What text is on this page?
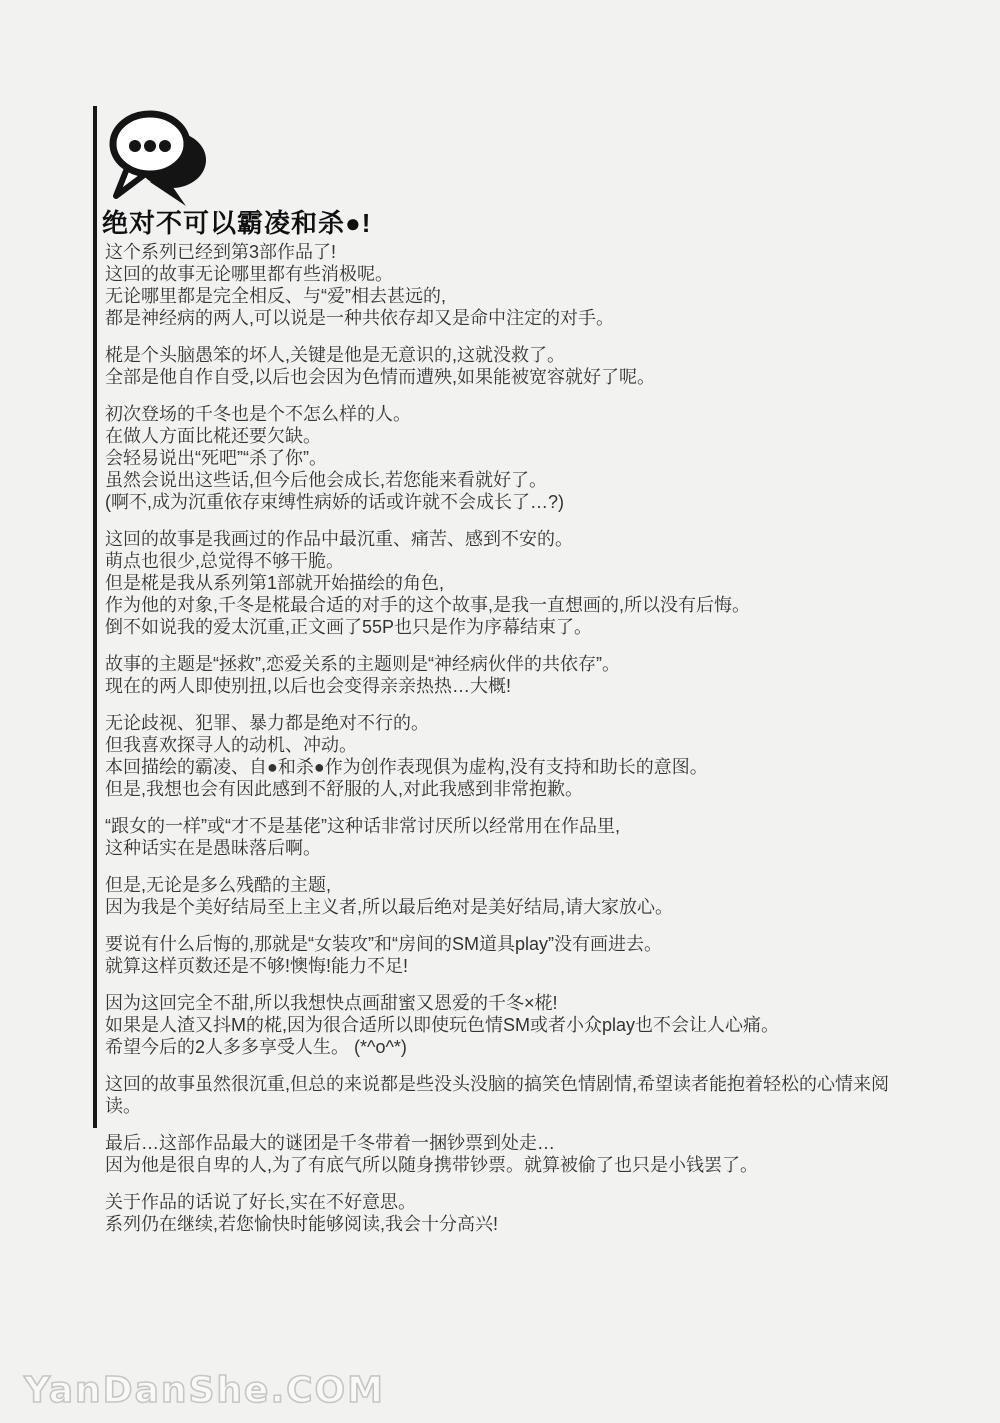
绝对不可以霸凌和杀●!
这个系列已经到第3部作品了!
这回的故事无论哪里都有些消极呢。
无论哪里都是完全相反、与“爱”相去甚远的,
都是神经病的两人,可以说是一种共依存却又是命中注定的对手。
椛是个头脑愚笨的坏人,关键是他是无意识的,这就没救了。
全部是他自作自受,以后也会因为色情而遭殃,如果能被宽容就好了呢。
初次登场的千冬也是个不怎么样的人。
在做人方面比椛还要欠缺。
会轻易说出“死吧”“杀了你”。
虽然会说出这些话,但今后他会成长,若您能来看就好了。
(啊不,成为沉重依存束缚性病娇的话或许就不会成长了…?)
这回的故事是我画过的作品中最沉重、痛苦、感到不安的。
萌点也很少,总觉得不够干脆。
但是椛是我从系列第1部就开始描绘的角色,
作为他的对象,千冬是椛最合适的对手的这个故事,是我一直想画的,所以没有后悔。
倒不如说我的爱太沉重,正文画了55P也只是作为序幕结束了。
故事的主题是“拯救”,恋爱关系的主题则是“神经病伙伴的共依存”。
现在的两人即使别扭,以后也会变得亲亲热热…大概!
无论歧视、犯罪、暴力都是绝对不行的。
但我喜欢探寻人的动机、冲动。
本回描绘的霸凌、自●和杀●作为创作表现俱为虚构,没有支持和助长的意图。
但是,我想也会有因此感到不舒服的人,对此我感到非常抱歉。
“跟女的一样”或“才不是基佬”这种话非常讨厌所以经常用在作品里,
这种话实在是愚昧落后啊。
但是,无论是多么残酷的主题,
因为我是个美好结局至上主义者,所以最后绝对是美好结局,请大家放心。
要说有什么后悔的,那就是“女装攻”和“房间的SM道具play”没有画进去。
就算这样页数还是不够!懊悔!能力不足!
因为这回完全不甜,所以我想快点画甜蜜又恩爱的千冬×椛!
如果是人渣又抖M的椛,因为很合适所以即使玩色情SM或者小众play也不会让人心痛。
希望今后的2人多多享受人生。 (*^o^*)
这回的故事虽然很沉重,但总的来说都是些没头没脑的搞笑色情剧情,希望读者能抱着轻松的心情来阅
读。
最后…这部作品最大的谜团是千冬带着一捆钞票到处走…
因为他是很自卑的人,为了有底气所以随身携带钞票。就算被偷了也只是小钱罢了。
关于作品的话说了好长,实在不好意思。
系列仍在继续,若您愉快时能够阅读,我会十分高兴!
YanDanShe.COM
